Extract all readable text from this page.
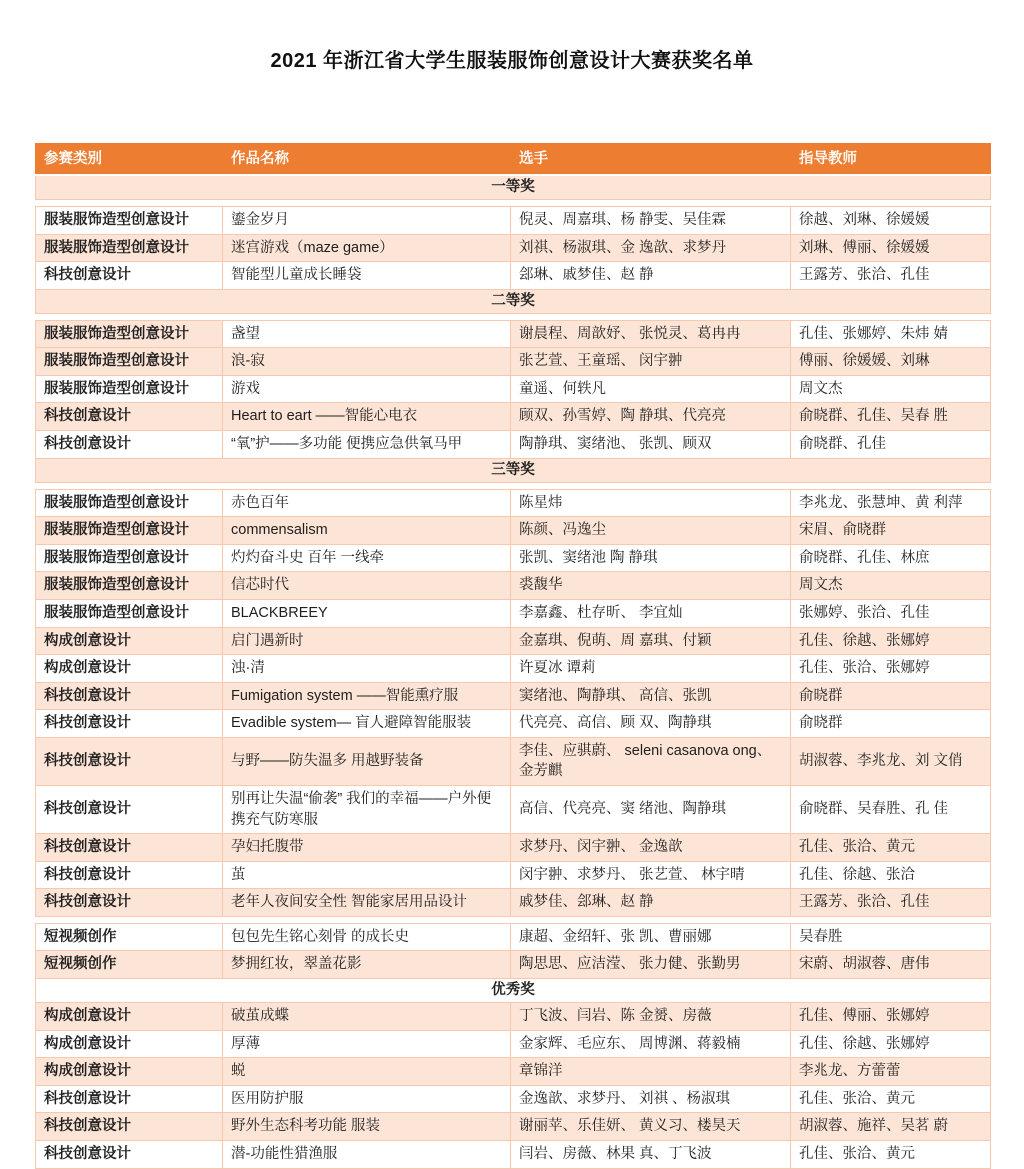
2021 年浙江省大学生服装服饰创意设计大赛获奖名单
参赛类别	作品名称	选手	指导教师
一等奖			

服装服饰造型创意设计	鎏金岁月	倪灵、周嘉琪、杨 静雯、吴佳霖	徐越、刘琳、徐媛媛
服装服饰造型创意设计	迷宫游戏（maze game）	刘祺、杨淑琪、金 逸歆、求梦丹	刘琳、傅丽、徐媛媛
科技创意设计	智能型儿童成长睡袋	郐琳、戚梦佳、赵 静	王露芳、张洽、孔佳
二等奖			

服装服饰造型创意设计	盏望	谢晨程、周歆妤、 张悦灵、葛冉冉	孔佳、张娜婷、朱炜 婧
服装服饰造型创意设计	浪-寂	张艺萱、王童瑶、 闵宇翀	傅丽、徐媛媛、刘琳
服装服饰造型创意设计	游戏	童遥、何轶凡	周文杰
科技创意设计	Heart to eart ——智能心电衣	顾双、孙雪婷、陶 静琪、代亮亮	俞晓群、孔佳、吴春 胜
科技创意设计	“氧”护——多功能 便携应急供氧马甲	陶静琪、窦绪池、 张凯、顾双	俞晓群、孔佳
三等奖			

服装服饰造型创意设计	赤色百年	陈星炜	李兆龙、张慧坤、黄 利萍
服装服饰造型创意设计	commensalism	陈颜、冯逸尘	宋眉、俞晓群
服装服饰造型创意设计	灼灼奋斗史 百年 一线牵	张凯、窦绪池 陶 静琪	俞晓群、孔佳、林庶
服装服饰造型创意设计	信芯时代	裘馥华	周文杰
服装服饰造型创意设计	BLACKBREEY	李嘉鑫、杜存昕、 李宜灿	张娜婷、张洽、孔佳
构成创意设计	启门遇新时	金嘉琪、倪萌、周 嘉琪、付颖	孔佳、徐越、张娜婷
构成创意设计	浊·清	许夏冰 谭莉	孔佳、张洽、张娜婷
科技创意设计	Fumigation system ——智能熏疗服	窦绪池、陶静琪、 高信、张凯	俞晓群
科技创意设计	Evadible system— 盲人避障智能服装	代亮亮、高信、顾 双、陶静琪	俞晓群
科技创意设计	与野——防失温多 用越野装备	李佳、应骐蔚、 seleni casanova ong、金芳麒	胡淑蓉、李兆龙、刘 文俏
科技创意设计	别再让失温“偷袭” 我们的幸福——户外便携充气防寒服	高信、代亮亮、窦 绪池、陶静琪	俞晓群、吴春胜、孔 佳
科技创意设计	孕妇托腹带	求梦丹、闵宇翀、 金逸歆	孔佳、张洽、黄元
科技创意设计	茧	闵宇翀、求梦丹、 张艺萱、 林宇晴	孔佳、徐越、张洽
科技创意设计	老年人夜间安全性 智能家居用品设计	戚梦佳、郐琳、赵 静	王露芳、张洽、孔佳

短视频创作	包包先生铭心刻骨 的成长史	康超、金绍轩、张 凯、曹丽娜	吴春胜
短视频创作	梦拥红妆，翠盖花影	陶思思、应洁滢、 张力健、张勤男	宋蔚、胡淑蓉、唐伟
优秀奖			
构成创意设计	破茧成蝶	丁飞波、闫岩、陈 金赟、房薇	孔佳、傅丽、张娜婷
构成创意设计	厚薄	金家辉、毛应东、 周博渊、蒋毅楠	孔佳、徐越、张娜婷
构成创意设计	蜕	章锦洋	李兆龙、方蕾蕾
科技创意设计	医用防护服	金逸歆、求梦丹、 刘祺 、杨淑琪	孔佳、张洽、黄元
科技创意设计	野外生态科考功能 服装	谢丽苹、乐佳妍、 黄义习、楼昊天	胡淑蓉、施祥、吴茗 蔚
科技创意设计	潜-功能性猎渔服	闫岩、房薇、林果 真、丁飞波	孔佳、张洽、黄元
